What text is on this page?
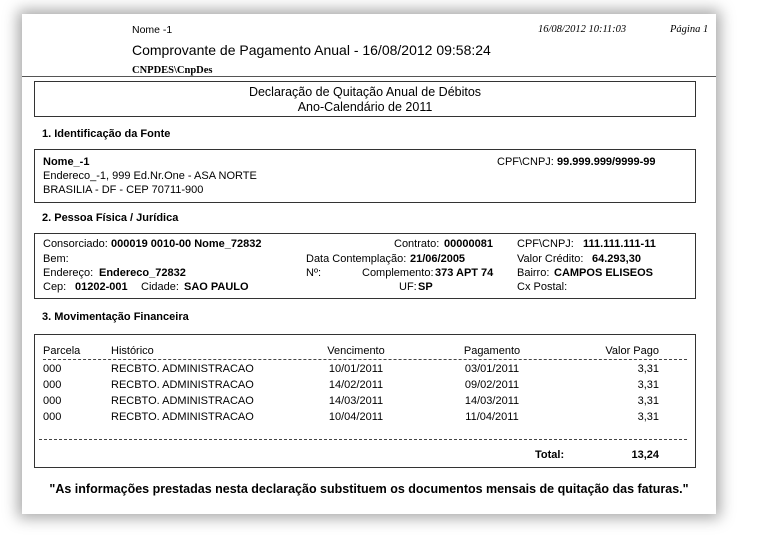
Nome -1	16/08/2012 10:11:03	Página 1
Comprovante de Pagamento Anual - 16/08/2012 09:58:24
CNPDES\CnpDes
Declaração de Quitação Anual de Débitos
Ano-Calendário de 2011
1. Identificação da Fonte
Nome_-1	CPF\CNPJ: 99.999.999/9999-99
Endereco_-1, 999 Ed.Nr.One - ASA NORTE
BRASILIA - DF - CEP 70711-900
2. Pessoa Física / Jurídica
Consorciado: 000019 0010-00 Nome_72832	Contrato: 00000081 CPF\CNPJ: 111.111.111-11
Bem:	Data Contemplação: 21/06/2005	Valor Crédito: 64.293,30
Endereço: Endereco_72832	Nº:	Complemento: 373 APT 74 Bairro: CAMPOS ELISEOS
Cep: 01202-001 Cidade: SAO PAULO	UF: SP	Cx Postal:
3. Movimentação Financeira
Parcela	Histórico	Vencimento	Pagamento	Valor Pago
000	RECBTO. ADMINISTRACAO	10/01/2011	03/01/2011	3,31
000	RECBTO. ADMINISTRACAO	14/02/2011	09/02/2011	3,31
000	RECBTO. ADMINISTRACAO	14/03/2011	14/03/2011	3,31
000	RECBTO. ADMINISTRACAO	10/04/2011	11/04/2011	3,31
Total:	13,24
"As informações prestadas nesta declaração substituem os documentos mensais de quitação das faturas."
